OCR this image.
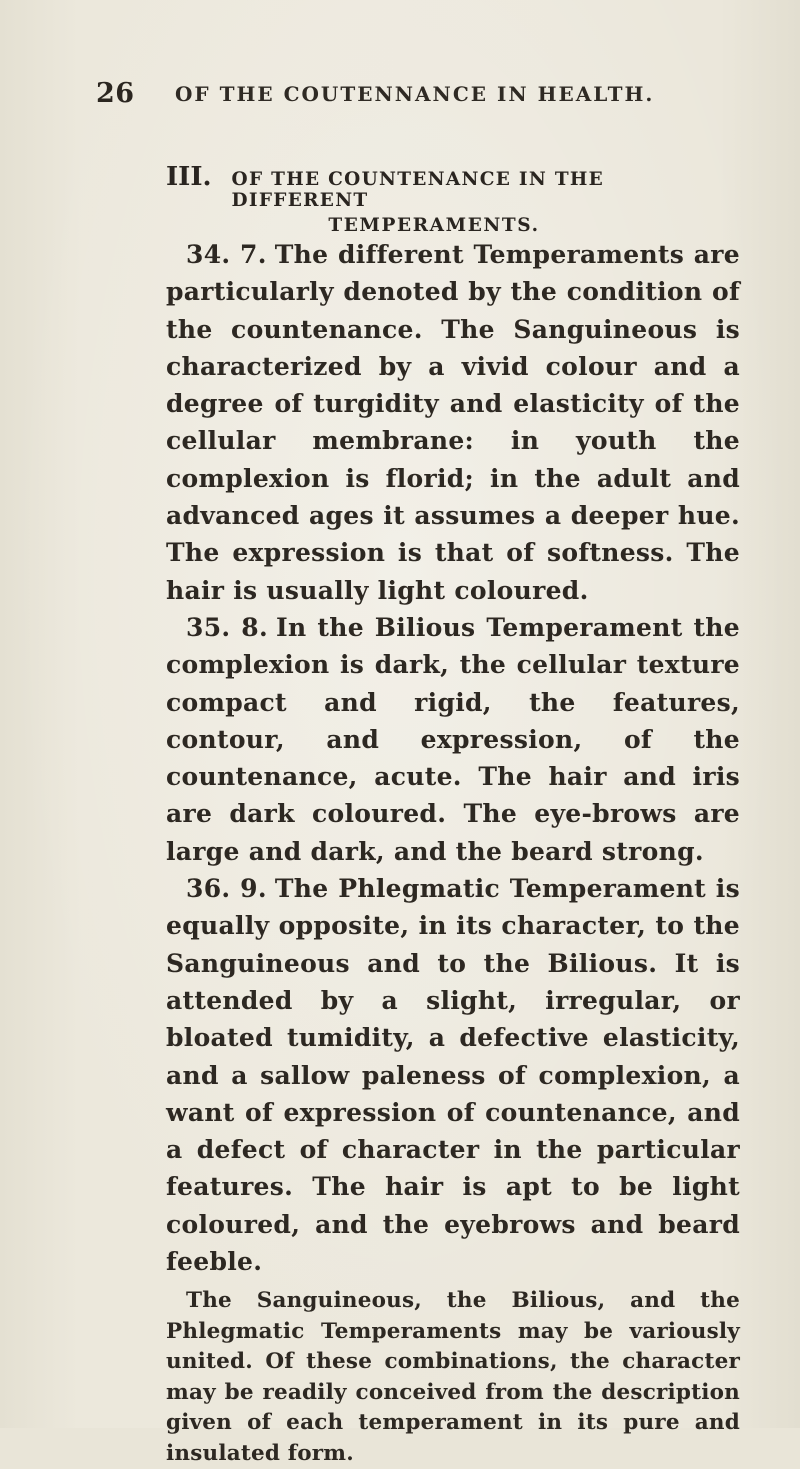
26 OF THE COUTENNANCE IN HEALTH.
III. OF THE COUNTENANCE IN THE DIFFERENT
TEMPERAMENTS.

34. 7. The different Temperaments are particularly denoted by the condition of the countenance. The Sanguineous is characterized by a vivid colour and a degree of turgidity and elasticity of the cellular membrane: in youth the complexion is florid; in the adult and advanced ages it assumes a deeper hue. The expression is that of softness. The hair is usually light coloured.

35. 8. In the Bilious Temperament the complexion is dark, the cellular texture compact and rigid, the features, contour, and expression, of the countenance, acute. The hair and iris are dark coloured. The eye-brows are large and dark, and the beard strong.

36. 9. The Phlegmatic Temperament is equally opposite, in its character, to the Sanguineous and to the Bilious. It is attended by a slight, irregular, or bloated tumidity, a defective elasticity, and a sallow paleness of complexion, a want of expression of countenance, and a defect of character in the particular features. The hair is apt to be light coloured, and the eyebrows and beard feeble.

The Sanguineous, the Bilious, and the Phlegmatic Temperaments may be variously united. Of these combinations, the character may be readily conceived from the description given of each temperament in its pure and insulated form.
